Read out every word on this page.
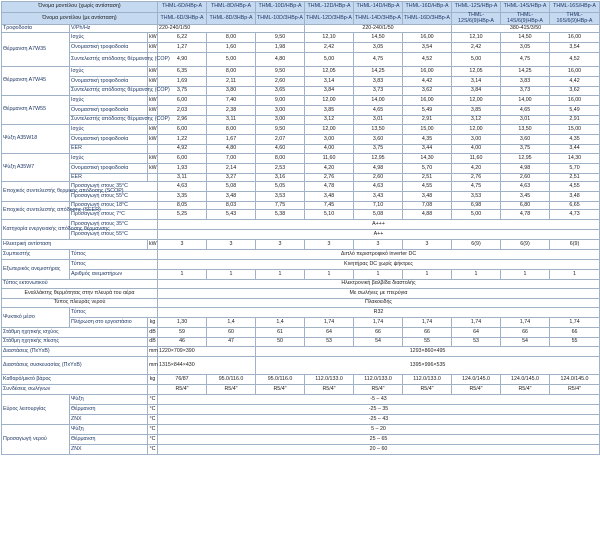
Όνομα μοντέλου (χωρίς αντίσταση)			THML-6D/HBp-A	THML-8D/HBp-A	THML-10D/HBp-A	THML-12D/HBp-A	THML-14D/HBp-A	THML-16D/HBp-A	THML-12S/HBp-A	THML-14S/HBp-A	THML-16S/HBp-A
Όνομα μοντέλου (με αντίσταση)			THML-6D/3HBp-A	THML-8D/3HBp-A	THML-10D/3HBp-A	THML-12D/3HBp-A	THML-14D/3HBp-A	THML-16D/3HBp-A	THML-12S/6(9)HBp-A	THML-14S/6(9)HBp-A	THML-16S/6(9)HBp-A
Τροφοδοσία	V/Ph/Hz		220-240/1/50			220-240/1/50			380-415/3/50		
Θέρμανση Α7W35	Ισχύς	kW	6,22	8,00	9,50	12,10	14,50	16,00	12,10	14,50	16,00
	Ονομαστική τροφοδοσία	kW	1,27	1,60	1,98	2,42	3,05	3,54	2,42	3,05	3,54
	Συντελεστής απόδοσης θέρμανσης (COP)		4,90	5,00	4,80	5,00	4,75	4,52	5,00	4,75	4,52
Θέρμανση Α7W45	Ισχύς	kW	6,35	8,00	9,50	12,05	14,25	16,00	12,05	14,25	16,00
	Ονομαστική τροφοδοσία	kW	1,69	2,11	2,60	3,14	3,83	4,42	3,14	3,83	4,42
	Συντελεστής απόδοσης θέρμανσης (COP)		3,75	3,80	3,65	3,84	3,73	3,62	3,84	3,73	3,62
Θέρμανση Α7W55	Ισχύς	kW	6,00	7,40	9,00	12,00	14,00	16,00	12,00	14,00	16,00
	Ονομαστική τροφοδοσία	kW	2,03	2,38	3,00	3,85	4,65	5,49	3,85	4,65	5,49
	Συντελεστής απόδοσης θέρμανσης (COP)		2,96	3,11	3,00	3,12	3,01	2,91	3,12	3,01	2,91
Ψύξη Α35W18	Ισχύς	kW	6,00	8,00	9,50	12,00	13,50	15,00	12,00	13,50	15,00
	Ονομαστική τροφοδοσία	kW	1,22	1,67	2,07	3,00	3,60	4,35	3,00	3,60	4,35
	EER		4,92	4,80	4,60	4,00	3,75	3,44	4,00	3,75	3,44
Ψύξη Α35W7	Ισχύς	kW	6,00	7,00	8,00	11,60	12,95	14,30	11,60	12,95	14,30
	Ονομαστική τροφοδοσία	kW	1,93	2,14	2,53	4,20	4,98	5,70	4,20	4,98	5,70
	EER		3,11	3,27	3,16	2,76	2,60	2,51	2,76	2,60	2,51
Εποχικός συντελεστής θερμικής απόδοσης (SCOP)	Προσαγωγή στους 35°C		4,63	5,08	5,05	4,78	4,63	4,55	4,75	4,63	4,55
	Προσαγωγή στους 55°C		3,35	3,48	3,53	3,48	3,43	3,48	3,53	3,45	3,48
Εποχικός συντελεστής απόδοσης (SEER)	Προσαγωγή στους 18°C		8,05	8,03	7,75	7,45	7,10	7,08	6,98	6,80	6,65
	Προσαγωγή στους 7°C		5,25	5,43	5,38	5,10	5,08	4,88	5,00	4,78	4,73
Κατηγορία ενεργειακής απόδοσης θέρμανσης	Προσαγωγή στους 35°C		A+++								
	Προσαγωγή στους 55°C		A++								
Ηλεκτρική αντίσταση		kW	3	3	3	3	3	3	6(9)	6(9)	6(9)
Συμπιεστής	Τύπος		Διπλό περιστροφικό inverter DC								
Εξωτερικός ανεμιστήρας	Τύπος		Κινητήρας DC χωρίς ψήκτρες								
	Αριθμός ανεμιστήρων		1	1	1	1	1	1	1	1	1
Τύπος εκτονωτικού			Ηλεκτρονική βαλβίδα διαστολής								
Εναλλάκτης θερμότητας στην πλευρά του αέρα			Με σωλήνες με πτερύγια								
Τύπος πλευράς νερού			Πλακοειδής								
Ψυκτικό μέσο	Τύπος		R32								
	Πλήρωση στο εργοστάσιο	kg	1,30	1,4	1,4	1,74	1,74	1,74	1,74	1,74	1,74
Στάθμη ηχητικής ισχύος		dB	59	60	61	64	66	66	64	66	66
Στάθμη ηχητικής πίεσης		dB	46	47	50	53	54	55	53	54	55
Διαστάσεις (ΠxΥxΒ)		mm	1220×709×390		1293×860×495						
Διαστάσεις συσκευασίας (ΠxΥxΒ)		mm	1315×844×430		1395×996×535						
Καθαρό/μικτό βάρος		kg	76/87	95.0/116.0	95.0/116.0	112.0/133.0	112.0/133.0	112.0/133.0	124.0/145.0	124.0/145.0	124.0/145.0
Συνδέσεις σωλήνων			R5/4"	R5/4"	R5/4"	R5/4"	R5/4"	R5/4"	R5/4"	R5/4"	R5/4"
Εύρος λειτουργίας	Ψύξη	°C	-5 – 43								
	Θέρμανση	°C	-25 – 35								
	ZNX	°C	-25 – 43								
Προσαγωγή νερού	Ψύξη	°C	5 – 20								
	Θέρμανση	°C	25 – 65								
	ZNX	°C	20 – 60								
